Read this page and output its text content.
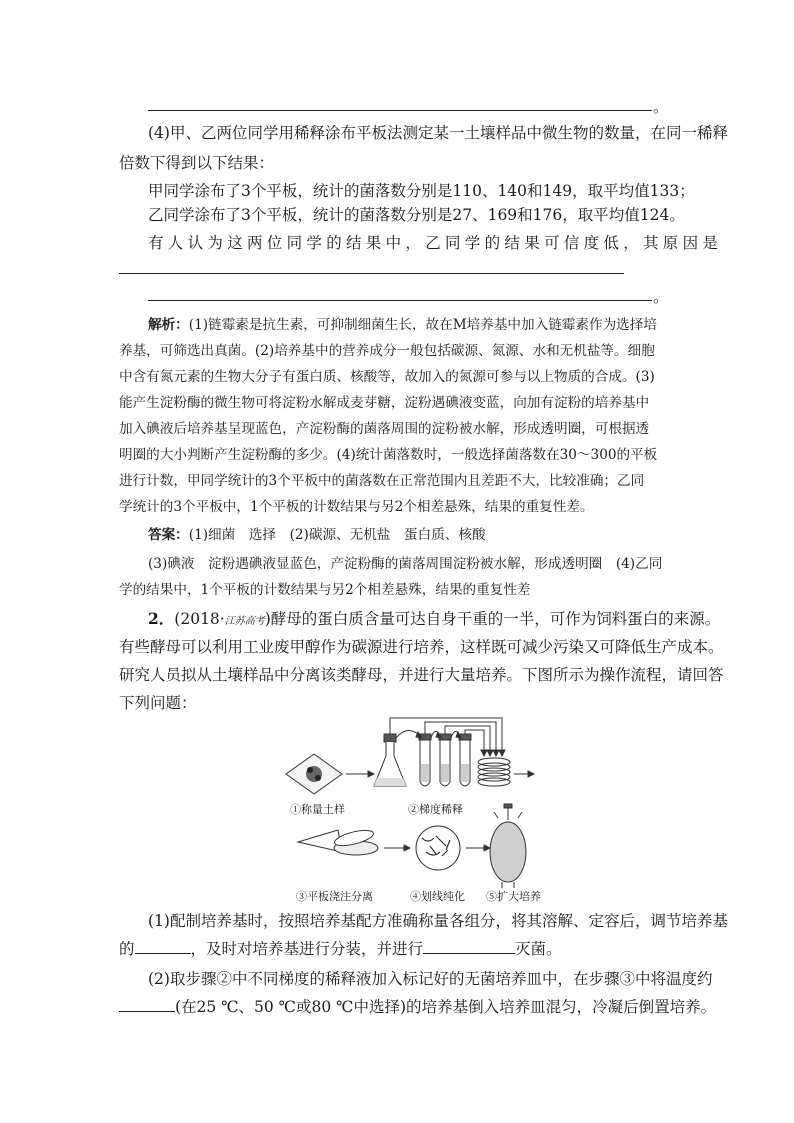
。
(4)甲、乙两位同学用稀释涂布平板法测定某一土壤样品中微生物的数量，在同一稀释
倍数下得到以下结果：
甲同学涂布了3个平板，统计的菌落数分别是110、140和149，取平均值133；
乙同学涂布了3个平板，统计的菌落数分别是27、169和176，取平均值124。
有人认为这两位同学的结果中，乙同学的结果可信度低，其原因是
。
解析：(1)链霉素是抗生素，可抑制细菌生长，故在M培养基中加入链霉素作为选择培
养基，可筛选出真菌。(2)培养基中的营养成分一般包括碳源、氮源、水和无机盐等。细胞
中含有氮元素的生物大分子有蛋白质、核酸等，故加入的氮源可参与以上物质的合成。(3)
能产生淀粉酶的微生物可将淀粉水解成麦芽糖，淀粉遇碘液变蓝，向加有淀粉的培养基中
加入碘液后培养基呈现蓝色，产淀粉酶的菌落周围的淀粉被水解，形成透明圈，可根据透
明圈的大小判断产生淀粉酶的多少。(4)统计菌落数时，一般选择菌落数在30～300的平板
进行计数，甲同学统计的3个平板中的菌落数在正常范围内且差距不大，比较准确；乙同
学统计的3个平板中，1个平板的计数结果与另2个相差悬殊，结果的重复性差。
答案：(1)细菌　选择　(2)碳源、无机盐　蛋白质、核酸
(3)碘液　淀粉遇碘液显蓝色，产淀粉酶的菌落周围淀粉被水解，形成透明圈　(4)乙同
学的结果中，1个平板的计数结果与另2个相差悬殊，结果的重复性差
2．(2018·江苏高考)酵母的蛋白质含量可达自身干重的一半，可作为饲料蛋白的来源。
有些酵母可以利用工业废甲醇作为碳源进行培养，这样既可减少污染又可降低生产成本。
研究人员拟从土壤样品中分离该类酵母，并进行大量培养。下图所示为操作流程，请回答
下列问题：
①称量土样	②梯度稀释
③平板浇注分离	④划线纯化 ⑤扩大培养
(1)配制培养基时，按照培养基配方准确称量各组分，将其溶解、定容后，调节培养基
的	，及时对培养基进行分装，并进行	灭菌。
(2)取步骤②中不同梯度的稀释液加入标记好的无菌培养皿中，在步骤③中将温度约
(在25 ℃、50 ℃或80 ℃中选择)的培养基倒入培养皿混匀，冷凝后倒置培养。
